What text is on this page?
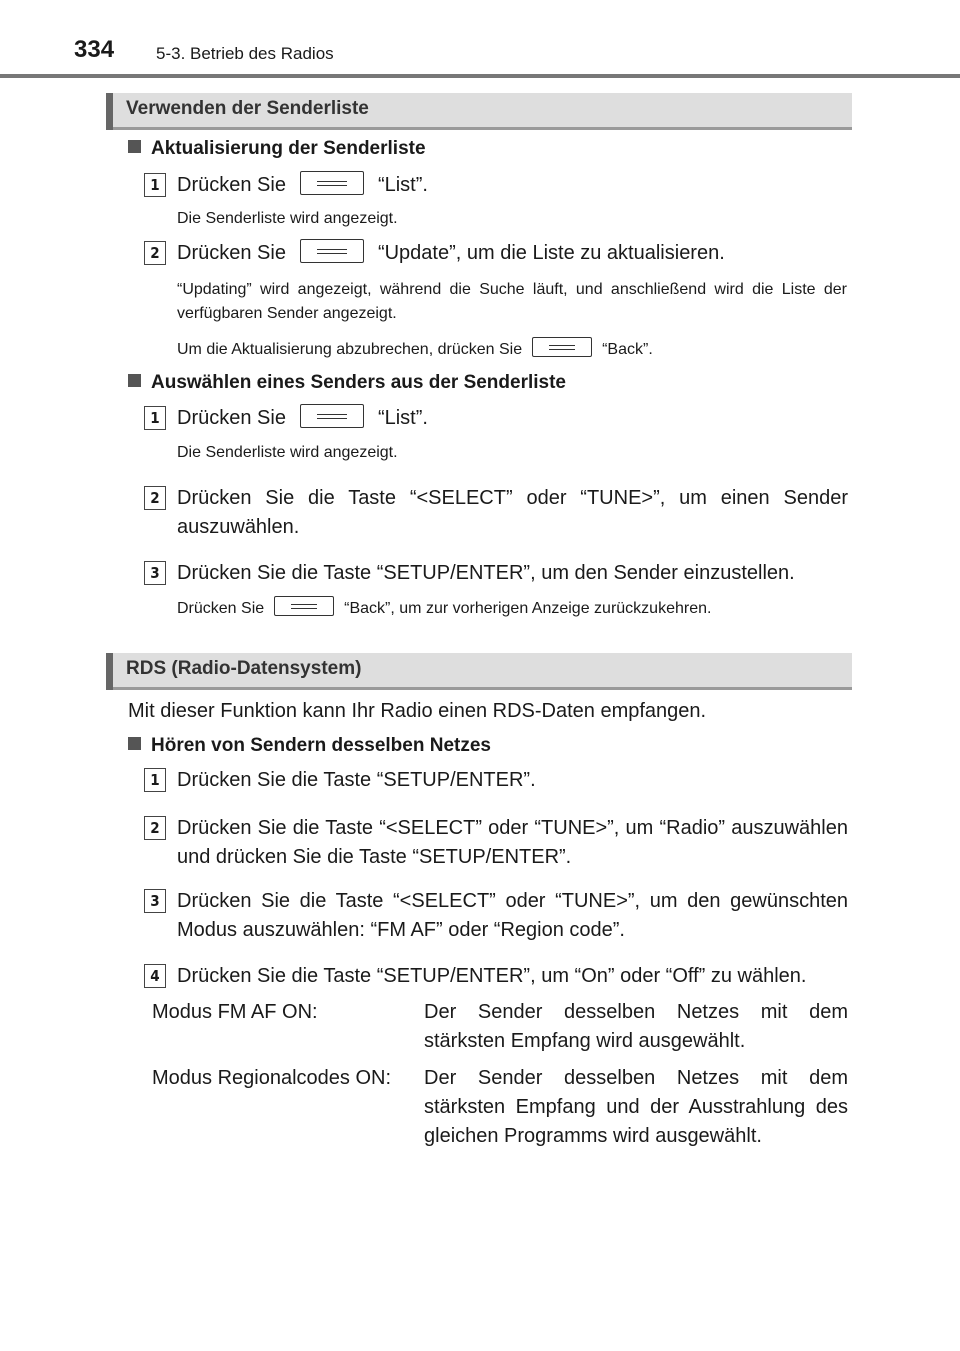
334 5-3. Betrieb des Radios
Verwenden der Senderliste
Aktualisierung der Senderliste
1 Drücken Sie	“List”.
Die Senderliste wird angezeigt.
2 Drücken Sie	“Update”, um die Liste zu aktualisieren.
“Updating” wird angezeigt, während die Suche läuft, und anschließend wird die Liste der verfügbaren Sender angezeigt.
Um die Aktualisierung abzubrechen, drücken Sie	“Back”.
Auswählen eines Senders aus der Senderliste
1 Drücken Sie	“List”.
Die Senderliste wird angezeigt.
2 Drücken Sie die Taste “<SELECT” oder “TUNE>”, um einen Sender auszuwählen.
3 Drücken Sie die Taste “SETUP/ENTER”, um den Sender einzustellen.
Drücken Sie	“Back”, um zur vorherigen Anzeige zurückzukehren.
RDS (Radio-Datensystem)
Mit dieser Funktion kann Ihr Radio einen RDS-Daten empfangen.
Hören von Sendern desselben Netzes
1 Drücken Sie die Taste “SETUP/ENTER”.
2 Drücken Sie die Taste “<SELECT” oder “TUNE>”, um “Radio” auszuwählen und drücken Sie die Taste “SETUP/ENTER”.
3 Drücken Sie die Taste “<SELECT” oder “TUNE>”, um den gewünschten Modus auszuwählen: “FM AF” oder “Region code”.
4 Drücken Sie die Taste “SETUP/ENTER”, um “On” oder “Off” zu wählen.
Modus FM AF ON:	Der Sender desselben Netzes mit dem stärksten Empfang wird ausgewählt.
Modus Regionalcodes ON:	Der Sender desselben Netzes mit dem stärksten Empfang und der Ausstrahlung des gleichen Programms wird ausgewählt.
